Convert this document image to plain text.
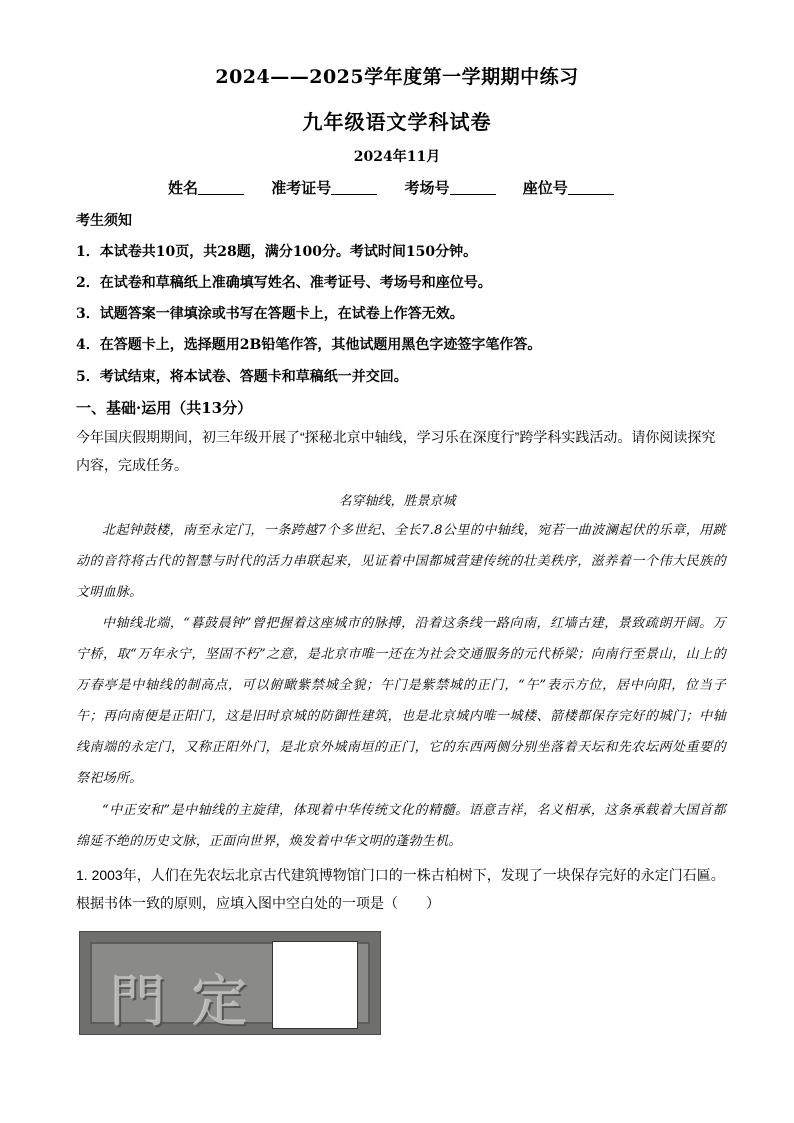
2024——2025学年度第一学期期中练习
九年级语文学科试卷
2024年11月
姓名	准考证号	考场号	座位号
考生须知
1．本试卷共10页，共28题，满分100分。考试时间150分钟。
2．在试卷和草稿纸上准确填写姓名、准考证号、考场号和座位号。
3．试题答案一律填涂或书写在答题卡上，在试卷上作答无效。
4．在答题卡上，选择题用2B铅笔作答，其他试题用黑色字迹签字笔作答。
5．考试结束，将本试卷、答题卡和草稿纸一并交回。
一、基础·运用（共13分）
今年国庆假期期间，初三年级开展了“探秘北京中轴线，学习乐在深度行”跨学科实践活动。请你阅读探究内容，完成任务。
名穿轴线，胜景京城
北起钟鼓楼，南至永定门，一条跨越7个多世纪、全长7.8公里的中轴线，宛若一曲波澜起伏的乐章，用跳动的音符将古代的智慧与时代的活力串联起来，见证着中国都城营建传统的壮美秩序，滋养着一个伟大民族的文明血脉。
中轴线北端，“暮鼓晨钟”曾把握着这座城市的脉搏，沿着这条线一路向南，红墙古建，景致疏朗开阔。万宁桥，取“万年永宁，坚固不朽”之意，是北京市唯一还在为社会交通服务的元代桥梁；向南行至景山，山上的万春亭是中轴线的制高点，可以俯瞰紫禁城全貌；午门是紫禁城的正门，“午”表示方位，居中向阳，位当子午；再向南便是正阳门，这是旧时京城的防御性建筑，也是北京城内唯一城楼、箭楼都保存完好的城门；中轴线南端的永定门，又称正阳外门，是北京外城南垣的正门，它的东西两侧分别坐落着天坛和先农坛两处重要的祭祀场所。
“中正安和”是中轴线的主旋律，体现着中华传统文化的精髓。语意吉祥，名义相承，这条承载着大国首都绵延不绝的历史文脉，正面向世界，焕发着中华文明的蓬勃生机。
1. 2003年，人们在先农坛北京古代建筑博物馆门口的一株古柏树下，发现了一块保存完好的永定门石匾。根据书体一致的原则，应填入图中空白处的一项是（　　）
門 定
